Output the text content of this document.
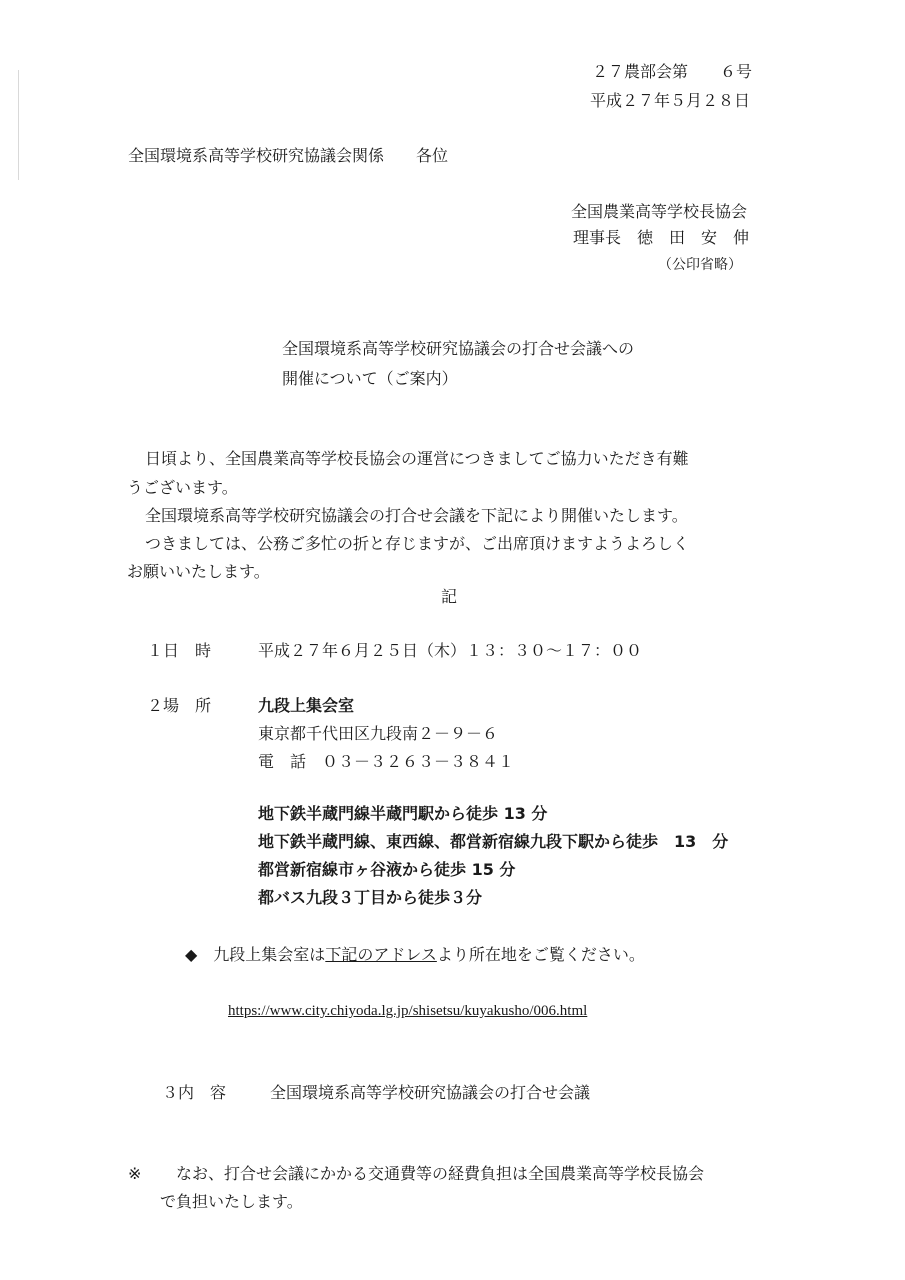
２７農部会第　　６号
平成２７年５月２８日
全国環境系高等学校研究協議会関係　　各位
全国農業高等学校長協会
理事長　徳　田　安　伸
（公印省略）
全国環境系高等学校研究協議会の打合せ会議への
開催について（ご案内）
日頃より、全国農業高等学校長協会の運営につきましてご協力いただき有難
うございます。
全国環境系高等学校研究協議会の打合せ会議を下記により開催いたします。
つきましては、公務ご多忙の折と存じますが、ご出席頂けますようよろしく
お願いいたします。
記
１日　時	平成２７年６月２５日（木）１３：３０〜１７：００
２場　所	九段上集会室
東京都千代田区九段南２－９－６
電　話　０３－３２６３－３８４１
地下鉄半蔵門線半蔵門駅から徒歩 13 分
地下鉄半蔵門線、東西線、都営新宿線九段下駅から徒歩　13　分
都営新宿線市ヶ谷液から徒歩 15 分
都バス九段３丁目から徒歩３分
◆　九段上集会室は下記のアドレスより所在地をご覧ください。
https://www.city.chiyoda.lg.jp/shisetsu/kuyakusho/006.html
３内　容	全国環境系高等学校研究協議会の打合せ会議
※ なお、打合せ会議にかかる交通費等の経費負担は全国農業高等学校長協会
で負担いたします。
